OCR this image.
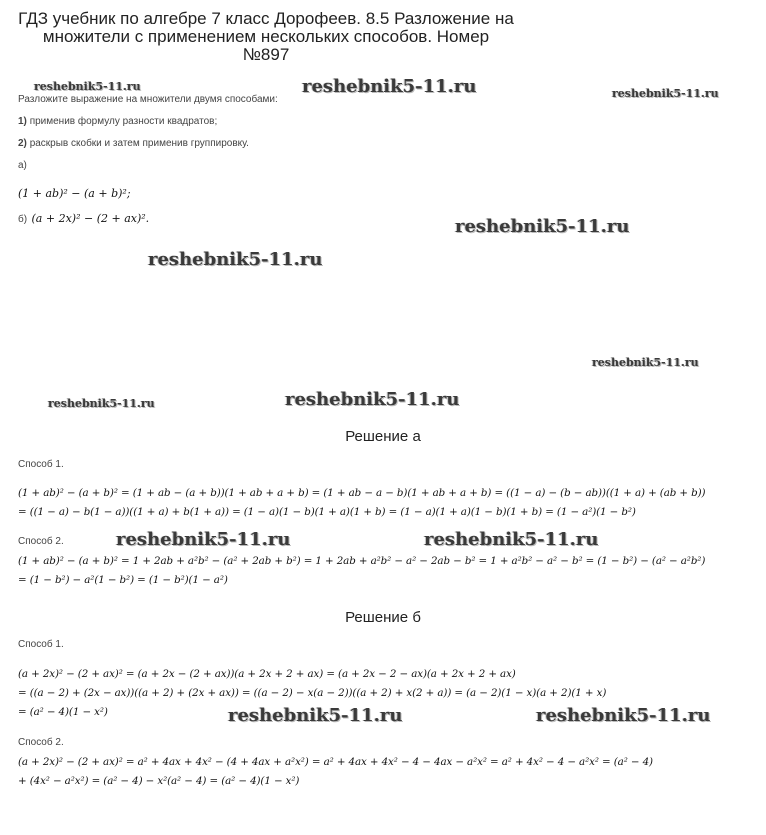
ГДЗ учебник по алгебре 7 класс Дорофеев. 8.5 Разложение на
множители с применением нескольких способов. Номер
№897
reshebnik5-11.ru	reshebnik5-11.ru	reshebnik5-11.ru
reshebnik5-11.ru
reshebnik5-11.ru
reshebnik5-11.ru
reshebnik5-11.ru	reshebnik5-11.ru
reshebnik5-11.ru	reshebnik5-11.ru
reshebnik5-11.ru	reshebnik5-11.ru
Разложите выражение на множители двумя способами:
1) применив формулу разности квадратов;
2) раскрыв скобки и затем применив группировку.
а)
(1 + ab)² − (a + b)²;
б) (a + 2x)² − (2 + ax)².
Решение а
Способ 1.
(1 + ab)² − (a + b)² = (1 + ab − (a + b))(1 + ab + a + b) = (1 + ab − a − b)(1 + ab + a + b) = ((1 − a) − (b − ab))((1 + a) + (ab + b))
= ((1 − a) − b(1 − a))((1 + a) + b(1 + a)) = (1 − a)(1 − b)(1 + a)(1 + b) = (1 − a)(1 + a)(1 − b)(1 + b) = (1 − a²)(1 − b²)
Способ 2.
(1 + ab)² − (a + b)² = 1 + 2ab + a²b² − (a² + 2ab + b²) = 1 + 2ab + a²b² − a² − 2ab − b² = 1 + a²b² − a² − b² = (1 − b²) − (a² − a²b²)
= (1 − b²) − a²(1 − b²) = (1 − b²)(1 − a²)
Решение б
Способ 1.
(a + 2x)² − (2 + ax)² = (a + 2x − (2 + ax))(a + 2x + 2 + ax) = (a + 2x − 2 − ax)(a + 2x + 2 + ax)
= ((a − 2) + (2x − ax))((a + 2) + (2x + ax)) = ((a − 2) − x(a − 2))((a + 2) + x(2 + a)) = (a − 2)(1 − x)(a + 2)(1 + x)
= (a² − 4)(1 − x²)
Способ 2.
(a + 2x)² − (2 + ax)² = a² + 4ax + 4x² − (4 + 4ax + a²x²) = a² + 4ax + 4x² − 4 − 4ax − a²x² = a² + 4x² − 4 − a²x² = (a² − 4)
+ (4x² − a²x²) = (a² − 4) − x²(a² − 4) = (a² − 4)(1 − x²)
